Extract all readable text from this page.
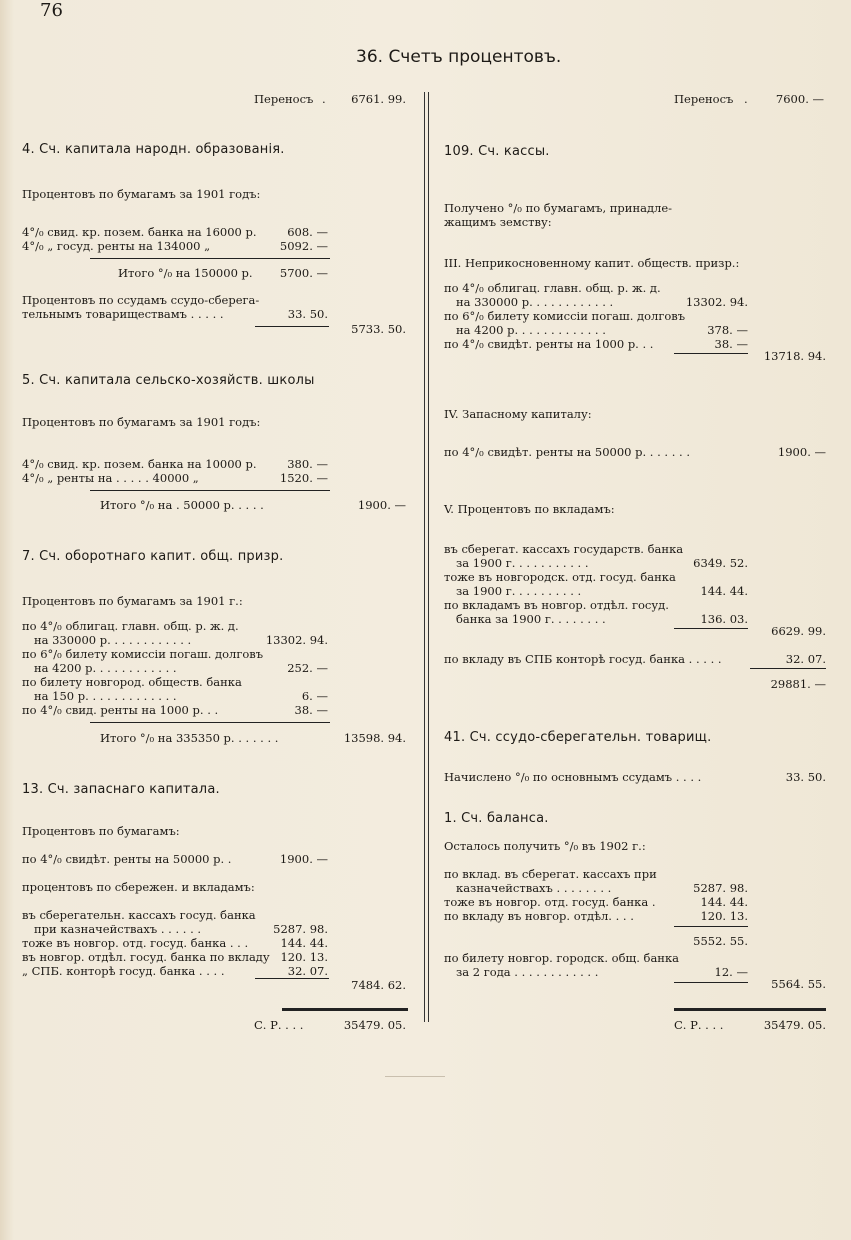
76
36. Счетъ процентовъ.
Переносъ .	6761. 99.
4. Сч. капитала народн. образованія.
Процентовъ по бумагамъ за 1901 годъ:
4°/₀ свид. кр. позем. банка на 16000 р.	608. —
4°/₀ „ госуд. ренты на 134000 „	5092. —
Итого °/₀ на 150000 р.	5700. —
Процентовъ по ссудамъ ссудо-сберега-
тельнымъ товариществамъ . . . . .	33. 50.
5733. 50.
5. Сч. капитала сельско-хозяйств. школы
Процентовъ по бумагамъ за 1901 годъ:
4°/₀ свид. кр. позем. банка на 10000 р.	380. —
4°/₀ „ ренты на . . . . . 40000 „	1520. —
Итого °/₀ на . 50000 р. . . . .	1900. —
7. Сч. оборотнаго капит. общ. призр.
Процентовъ по бумагамъ за 1901 г.:
по 4°/₀ облигац. главн. общ. р. ж. д.
на 330000 р. . . . . . . . . . . .	13302. 94.
по 6°/₀ билету комиссіи погаш. долговъ
на 4200 р. . . . . . . . . . . .	252. —
по билету новгород. обществ. банка
на 150 р. . . . . . . . . . . . .	6. —
по 4°/₀ свид. ренты на 1000 р. . .	38. —
Итого °/₀ на 335350 р. . . . . . .	13598. 94.
13. Сч. запаснаго капитала.
Процентовъ по бумагамъ:
по 4°/₀ свидѣт. ренты на 50000 р. .	1900. —
процентовъ по сбережен. и вкладамъ:
въ сберегательн. кассахъ госуд. банка
при казначействахъ . . . . . .	5287. 98.
тоже въ новгор. отд. госуд. банка . . .	144. 44.
въ новгор. отдѣл. госуд. банка по вкладу 120. 13.
„ СПБ. конторѣ госуд. банка . . . .	32. 07.
7484. 62.
С. Р. . . .	35479. 05.
Переносъ .	7600. —
109. Сч. кассы.
Получено °/₀ по бумагамъ, принадле-
жащимъ земству:
III. Неприкосновенному капит. обществ. призр.:
по 4°/₀ облигац. главн. общ. р. ж. д.
на 330000 р. . . . . . . . . . . .	13302. 94.
по 6°/₀ билету комиссіи погаш. долговъ
на 4200 р. . . . . . . . . . . . .	378. —
по 4°/₀ свидѣт. ренты на 1000 р. . .	38. —
13718. 94.
IV. Запасному капиталу:
по 4°/₀ свидѣт. ренты на 50000 р. . . . . . .	1900. —
V. Процентовъ по вкладамъ:
въ сберегат. кассахъ государств. банка
за 1900 г. . . . . . . . . . .	6349. 52.
тоже въ новгородск. отд. госуд. банка
за 1900 г. . . . . . . . . .	144. 44.
по вкладамъ въ новгор. отдѣл. госуд.
банка за 1900 г. . . . . . . .	136. 03.
6629. 99.
по вкладу въ СПБ конторѣ госуд. банка . . . . .	32. 07.
29881. —
41. Сч. ссудо-сберегательн. товарищ.
Начислено °/₀ по основнымъ ссудамъ . . . .	33. 50.
1. Сч. баланса.
Осталось получить °/₀ въ 1902 г.:
по вклад. въ сберегат. кассахъ при
казначействахъ . . . . . . . .	5287. 98.
тоже въ новгор. отд. госуд. банка .	144. 44.
по вкладу въ новгор. отдѣл. . . .	120. 13.
5552. 55.
по билету новгор. городск. общ. банка
за 2 года . . . . . . . . . . . .	12. —
5564. 55.
С. Р. . . .	35479. 05.
